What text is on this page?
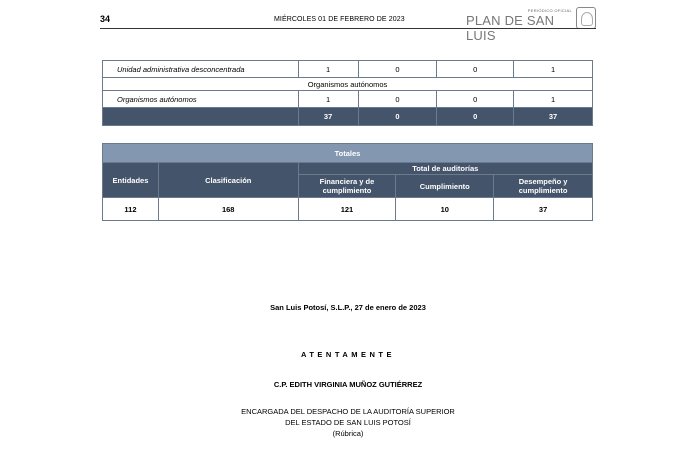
34	MIÉRCOLES 01 DE FEBRERO DE 2023
PERIÓDICO OFICIAL
PLAN DE SAN LUIS
Unidad administrativa desconcentrada	1	0	0	1
Organismos autónomos				
Organismos autónomos	1	0	0	1
	37	0	0	37
Totales				
Entidades	Clasificación	Total de auditorías		
		Financiera y de cumplimiento	Cumplimiento	Desempeño y cumplimiento
112	168	121	10	37
San Luis Potosí, S.L.P., 27 de enero de 2023
ATENTAMENTE
C.P. EDITH VIRGINIA MUÑOZ GUTIÉRREZ
ENCARGADA DEL DESPACHO DE LA AUDITORÍA SUPERIOR
DEL ESTADO DE SAN LUIS POTOSÍ
(Rúbrica)
